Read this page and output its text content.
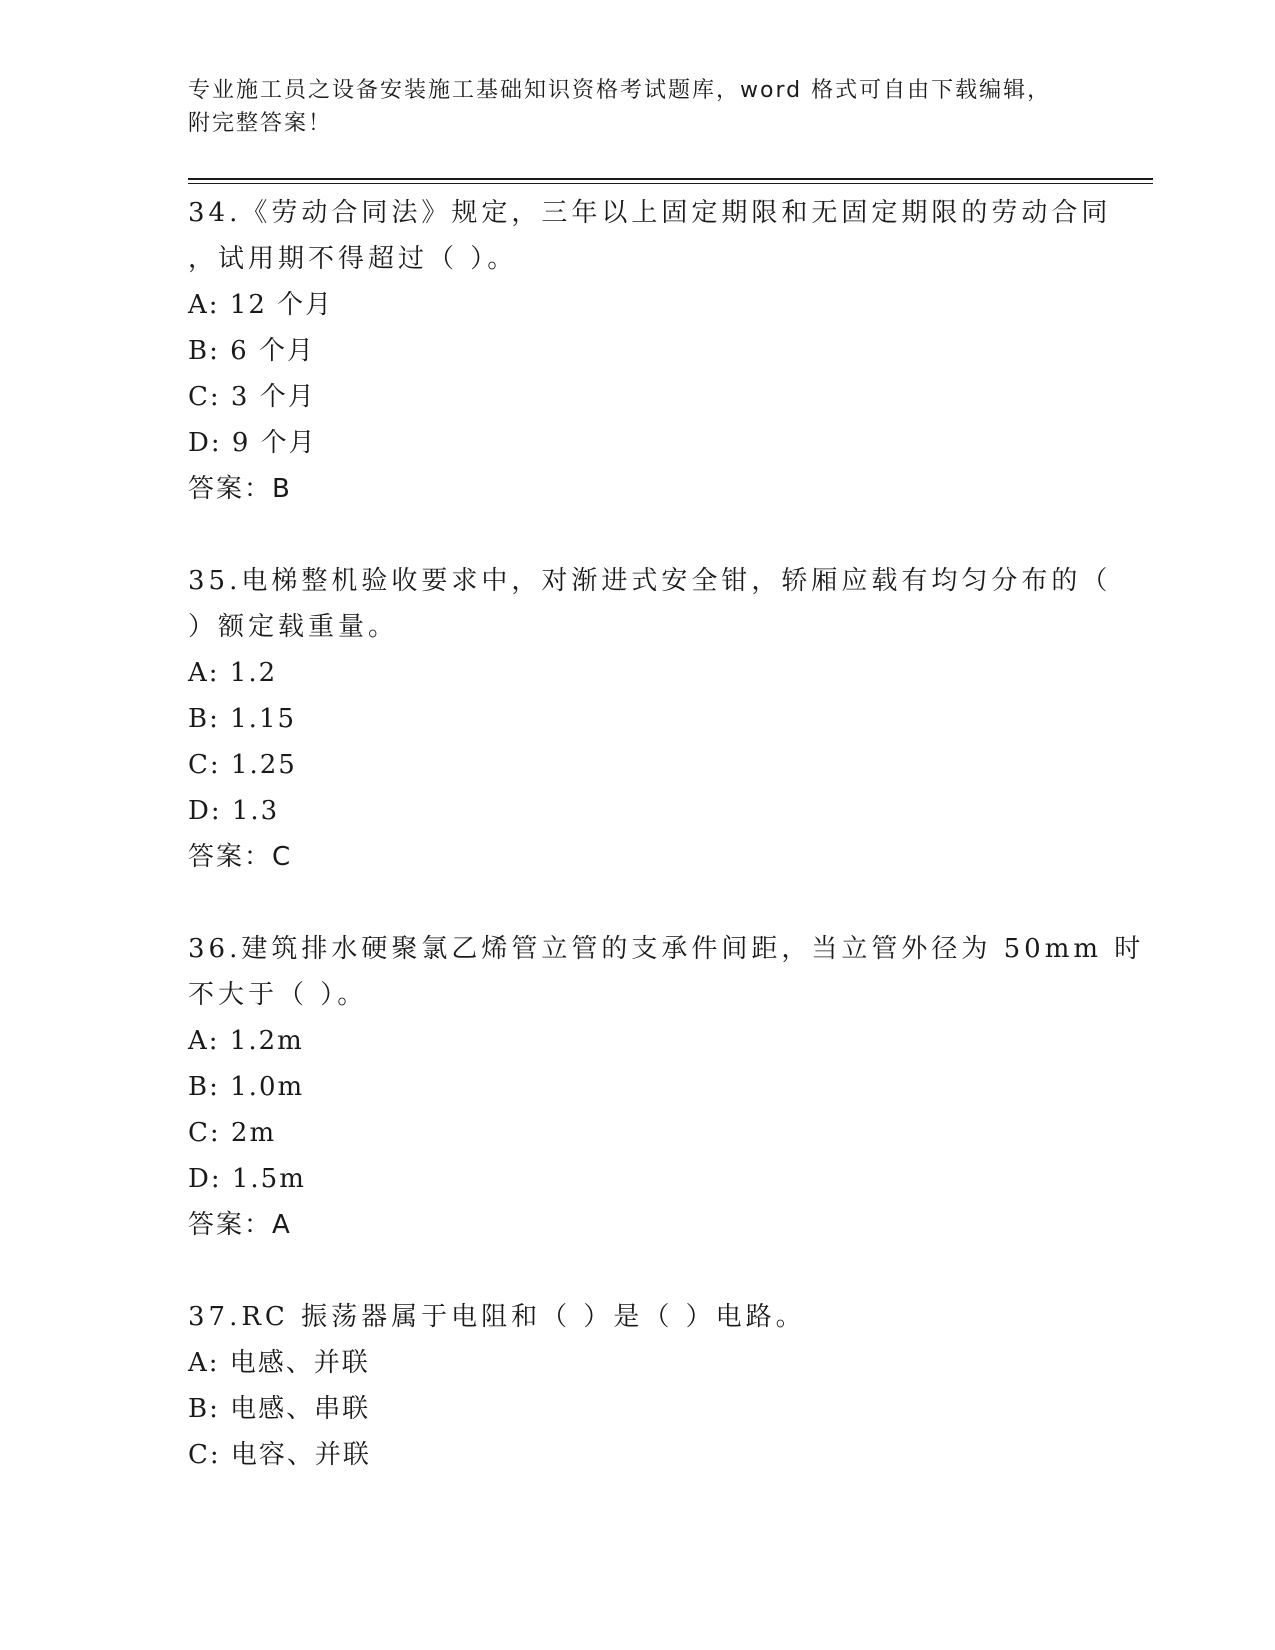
专业施工员之设备安装施工基础知识资格考试题库，word 格式可自由下载编辑，
附完整答案！

34.《劳动合同法》规定，三年以上固定期限和无固定期限的劳动合同

，试用期不得超过（ ）。

A: 12 个月

B: 6 个月

C: 3 个月

D: 9 个月

答案：B

35.电梯整机验收要求中，对渐进式安全钳，轿厢应载有均匀分布的（

）额定载重量。

A: 1.2

B: 1.15

C: 1.25

D: 1.3

答案：C

36.建筑排水硬聚氯乙烯管立管的支承件间距，当立管外径为 50mm 时

不大于（ ）。

A: 1.2m

B: 1.0m

C: 2m

D: 1.5m

答案：A

37.RC 振荡器属于电阻和（ ）是（ ）电路。

A: 电感、并联

B: 电感、串联

C: 电容、并联
